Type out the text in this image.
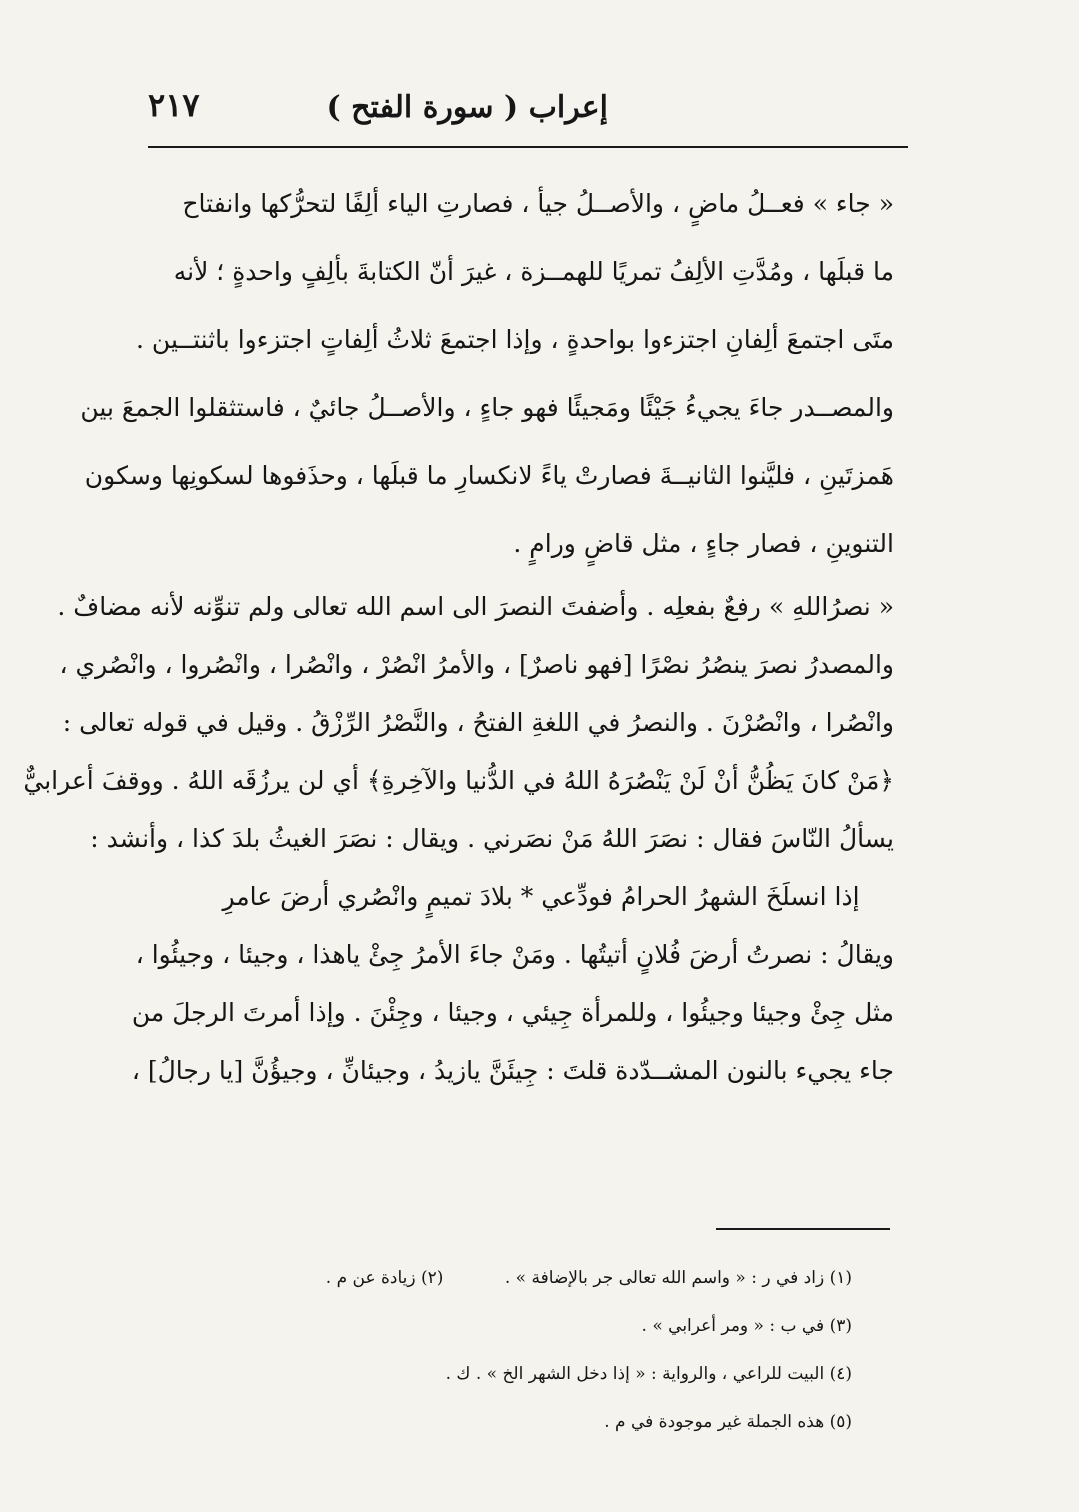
إعراب ( سورة الفتح )
٢١٧
« جاء » فعــلُ ماضٍ ، والأصــلُ جيأ ، فصارتِ الياء ألِفًا لتحرُّكها وانفتاح
ما قبلَها ، ومُدَّتِ الألِفُ تمريًا للهمــزة ، غيرَ أنّ الكتابةَ بألِفٍ واحدةٍ ؛ لأنه
متَى اجتمعَ ألِفانِ اجتزءوا بواحدةٍ ، وإذا اجتمعَ ثلاثُ ألِفاتٍ اجتزءوا باثنتــين .
والمصــدر جاءَ يجيءُ جَيْئًا ومَجيئًا فهو جاءٍ ، والأصــلُ جائيٌ ، فاستثقلوا الجمعَ بين
هَمزتَينِ ، فليَّنوا الثانيــةَ فصارتْ ياءً لانكسارِ ما قبلَها ، وحذَفوها لسكونِها وسكون
التنوينِ ، فصار جاءٍ ، مثل قاضٍ ورامٍ .
« نصرُاللهِ » رفعٌ بفعلِه . وأضفتَ النصرَ الى اسم الله تعالى ولم تنوِّنه لأنه مضافٌ .
والمصدرُ نصرَ ينصُرُ نصْرًا [فهو ناصرٌ] ، والأمرُ انْصُرْ ، وانْصُرا ، وانْصُروا ، وانْصُري ،
وانْصُرا ، وانْصُرْنَ . والنصرُ في اللغةِ الفتحُ ، والنَّصْرُ الرِّزْقُ . وقيل في قوله تعالى :
﴿مَنْ كانَ يَظُنُّ أنْ لَنْ يَنْصُرَهُ اللهُ في الدُّنيا والآخِرةِ﴾ أي لن يرزُقَه اللهُ . ووقفَ أعرابيٌّ
يسألُ النّاسَ فقال : نصَرَ اللهُ مَنْ نصَرني . ويقال : نصَرَ الغيثُ بلدَ كذا ، وأنشد :
إذا انسلَخَ الشهرُ الحرامُ فودِّعي * بلادَ تميمٍ وانْصُري أرضَ عامرِ
ويقالُ : نصرتُ أرضَ فُلانٍ أتيتُها . ومَنْ جاءَ الأمرُ جِئْ ياهذا ، وجيئا ، وجيئُوا ،
مثل جِئْ وجيئا وجيئُوا ، وللمرأة جِيئي ، وجيئا ، وجِئْنَ . وإذا أمرتَ الرجلَ من
جاء يجيء بالنون المشــدّدة قلتَ : جِيئَنَّ يازيدُ ، وجيئانِّ ، وجيؤُنَّ [يا رجالُ] ،
(١) زاد في ر : « واسم الله تعالى جر بالإضافة » . (٢) زيادة عن م .
(٣) في ب : « ومر أعرابي » .
(٤) البيت للراعي ، والرواية : « إذا دخل الشهر الخ » . ك .
(٥) هذه الجملة غير موجودة في م .
